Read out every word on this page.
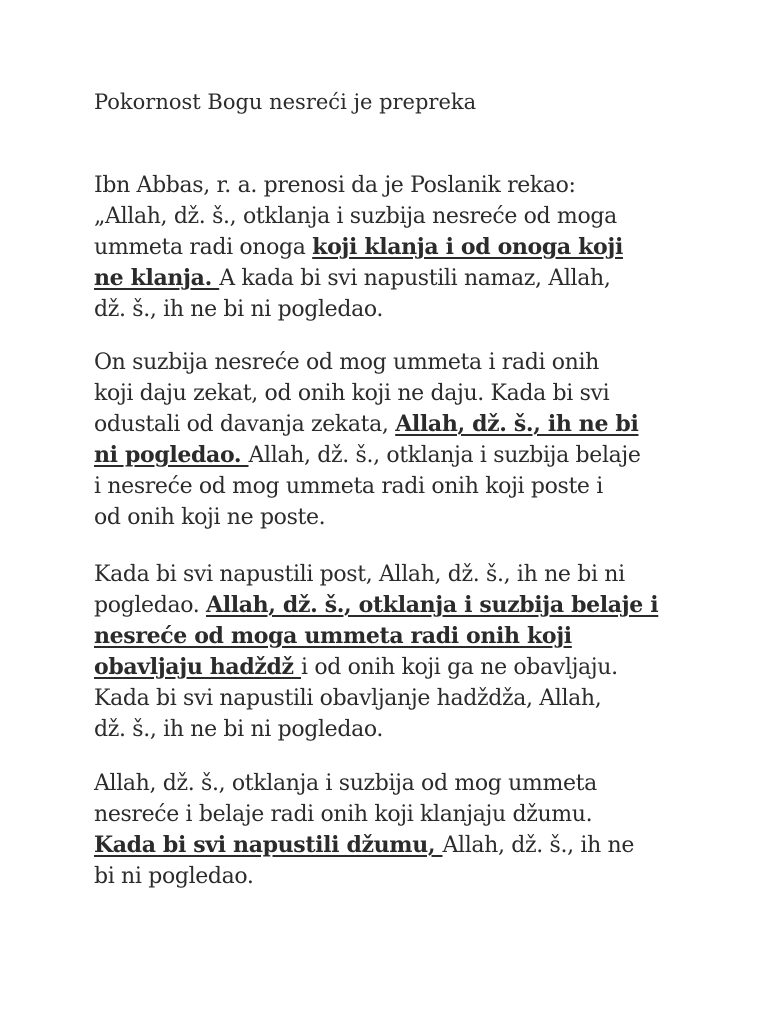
Pokornost Bogu nesreći je prepreka

Ibn Abbas, r. a. prenosi da je Poslanik rekao:
„Allah, dž. š., otklanja i suzbija nesreće od moga
ummeta radi onoga koji klanja i od onoga koji
ne klanja. A kada bi svi napustili namaz, Allah,
dž. š., ih ne bi ni pogledao.

On suzbija nesreće od mog ummeta i radi onih
koji daju zekat, od onih koji ne daju. Kada bi svi
odustali od davanja zekata, Allah, dž. š., ih ne bi
ni pogledao. Allah, dž. š., otklanja i suzbija belaje
i nesreće od mog ummeta radi onih koji poste i
od onih koji ne poste.

Kada bi svi napustili post, Allah, dž. š., ih ne bi ni
pogledao. Allah, dž. š., otklanja i suzbija belaje i
nesreće od moga ummeta radi onih koji
obavljaju hadždž i od onih koji ga ne obavljaju.
Kada bi svi napustili obavljanje hadždža, Allah,
dž. š., ih ne bi ni pogledao.

Allah, dž. š., otklanja i suzbija od mog ummeta
nesreće i belaje radi onih koji klanjaju džumu.
Kada bi svi napustili džumu, Allah, dž. š., ih ne
bi ni pogledao.
